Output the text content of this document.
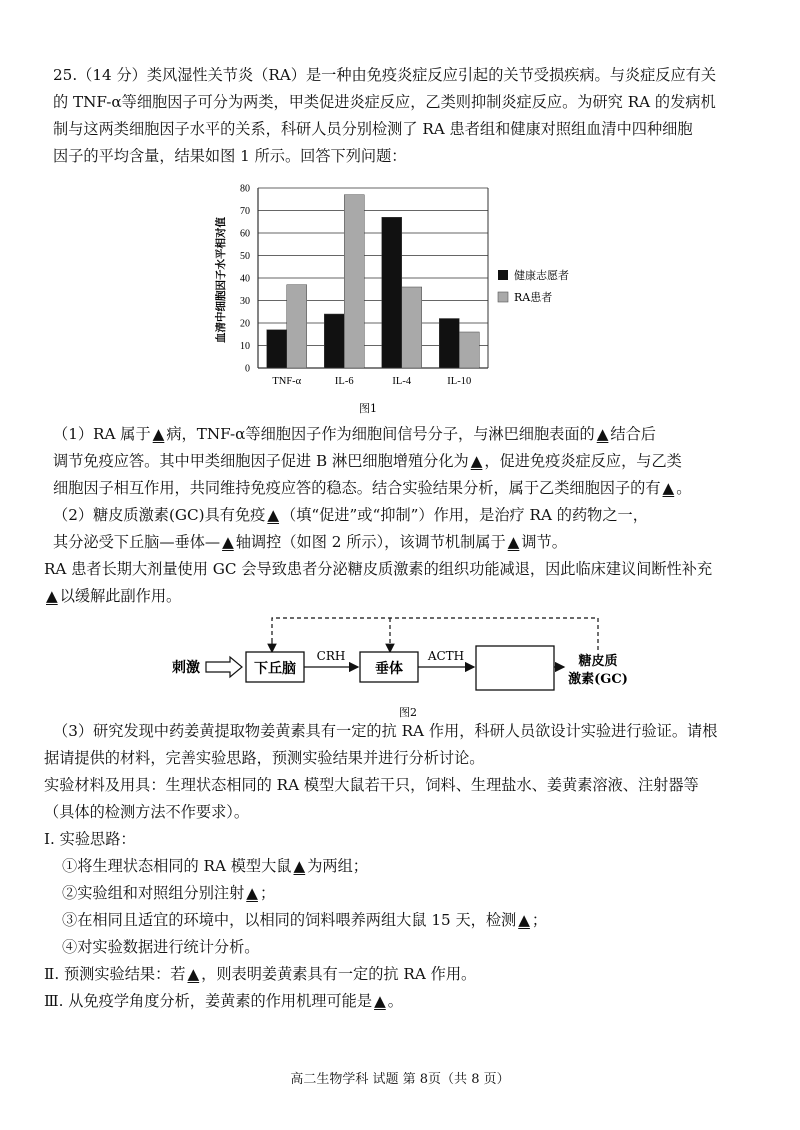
25.（14 分）类风湿性关节炎（RA）是一种由免疫炎症反应引起的关节受损疾病。与炎症反应有关
的 TNF-α等细胞因子可分为两类，甲类促进炎症反应，乙类则抑制炎症反应。为研究 RA 的发病机
制与这两类细胞因子水平的关系，科研人员分别检测了 RA 患者组和健康对照组血清中四种细胞
因子的平均含量，结果如图 1 所示。回答下列问题：
0
10
20
30
40
50
60
70
80
TNF-α	IL-6	IL-4	IL-10
血清中细胞因子水平相对值	健康志愿者
RA患者
图1
（1）RA 属于 ▲ 病，TNF-α等细胞因子作为细胞间信号分子，与淋巴细胞表面的 ▲ 结合后
调节免疫应答。其中甲类细胞因子促进 B 淋巴细胞增殖分化为 ▲ ，促进免疫炎症反应，与乙类
细胞因子相互作用，共同维持免疫应答的稳态。结合实验结果分析，属于乙类细胞因子的有 ▲ 。
（2）糖皮质激素(GC)具有免疫 ▲ （填“促进”或“抑制”）作用，是治疗 RA 的药物之一，
其分泌受下丘脑—垂体— ▲ 轴调控（如图 2 所示），该调节机制属于 ▲ 调节。
RA 患者长期大剂量使用 GC 会导致患者分泌糖皮质激素的组织功能减退，因此临床建议间断性补充
▲ 以缓解此副作用。
刺激	下丘脑
CRH
垂体
ACTH	糖皮质
激素(GC)
图2
（3）研究发现中药姜黄提取物姜黄素具有一定的抗 RA 作用，科研人员欲设计实验进行验证。请根
据请提供的材料，完善实验思路，预测实验结果并进行分析讨论。
实验材料及用具：生理状态相同的 RA 模型大鼠若干只，饲料、生理盐水、姜黄素溶液、注射器等
（具体的检测方法不作要求）。
Ⅰ. 实验思路：
①将生理状态相同的 RA 模型大鼠 ▲ 为两组；
②实验组和对照组分别注射 ▲ ；
③在相同且适宜的环境中，以相同的饲料喂养两组大鼠 15 天，检测 ▲ ；
④对实验数据进行统计分析。
Ⅱ. 预测实验结果：若 ▲ ，则表明姜黄素具有一定的抗 RA 作用。
Ⅲ. 从免疫学角度分析，姜黄素的作用机理可能是 ▲ 。
高二生物学科 试题 第 8页（共 8 页）
